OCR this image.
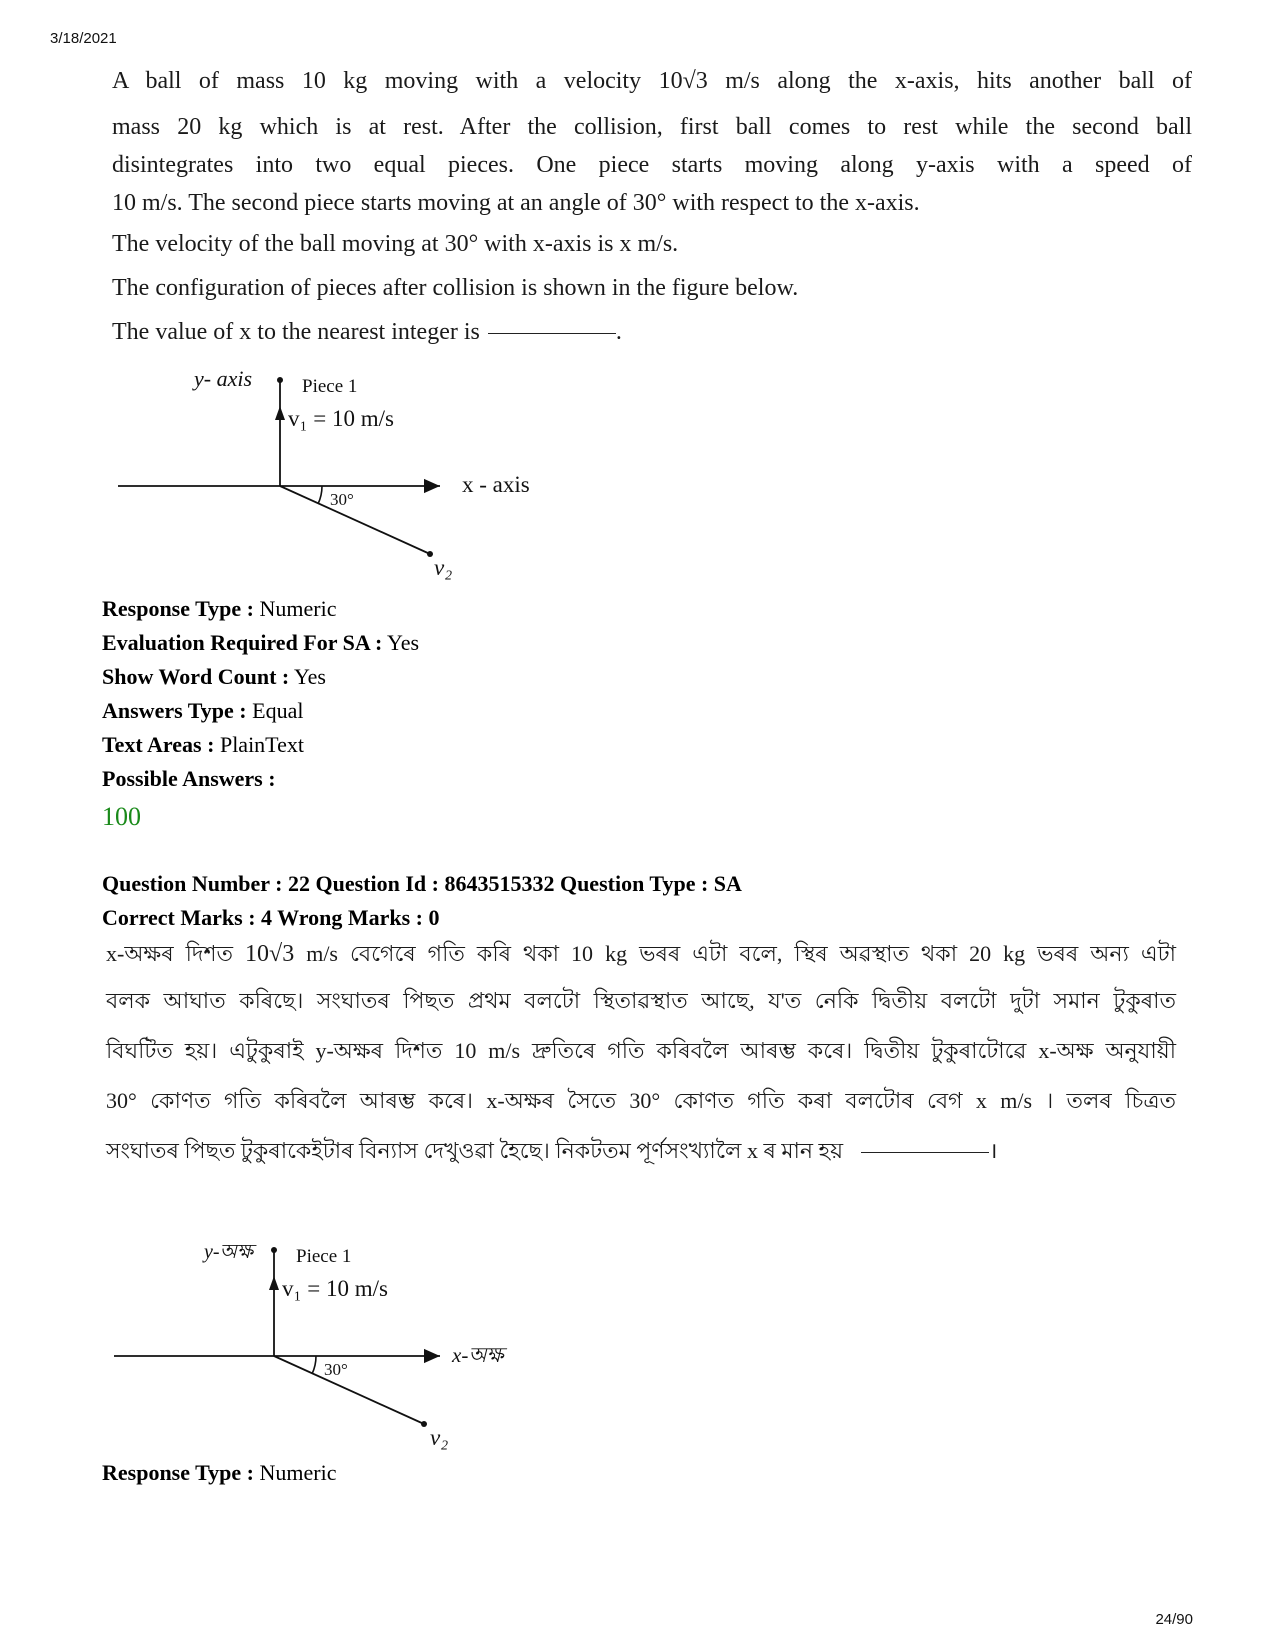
3/18/2021

A ball of mass 10 kg moving with a velocity 10√3 m/s along the x-axis, hits another ball of

mass 20 kg which is at rest. After the collision, first ball comes to rest while the second ball

disintegrates into two equal pieces. One piece starts moving along y-axis with a speed of

10 m/s. The second piece starts moving at an angle of 30° with respect to the x-axis.

The velocity of the ball moving at 30° with x-axis is x m/s.

The configuration of pieces after collision is shown in the figure below.

The value of x to the nearest integer is	.

y- axis	Piece 1
v₁ = 10 m/s
30°
x - axis
v₂
Response Type : Numeric
Evaluation Required For SA : Yes
Show Word Count : Yes
Answers Type : Equal
Text Areas : PlainText
Possible Answers :
100
Question Number : 22 Question Id : 8643515332 Question Type : SA
Correct Marks : 4 Wrong Marks : 0

x-অক্ষৰ দিশত 10√3 m/s বেগেৰে গতি কৰি থকা 10 kg ভৰৰ এটা বলে, স্থিৰ অৱস্থাত থকা 20 kg ভৰৰ অন্য এটা

বলক আঘাত কৰিছে। সংঘাতৰ পিছত প্ৰথম বলটো স্থিতাৱস্থাত আছে, য'ত নেকি দ্বিতীয় বলটো দুটা সমান টুকুৰাত

বিঘটিত হয়। এটুকুৰাই y-অক্ষৰ দিশত 10 m/s দ্ৰুতিৰে গতি কৰিবলৈ আৰম্ভ কৰে। দ্বিতীয় টুকুৰাটোৱে x-অক্ষ অনুযায়ী

30° কোণত গতি কৰিবলৈ আৰম্ভ কৰে। x-অক্ষৰ সৈতে 30° কোণত গতি কৰা বলটোৰ বেগ x m/s । তলৰ চিত্ৰত

সংঘাতৰ পিছত টুকুৰাকেইটাৰ বিন্যাস দেখুওৱা হৈছে। নিকটতম পূৰ্ণসংখ্যালৈ x ৰ মান হয়	।

y-অক্ষ Piece 1
v₁ = 10 m/s
30°
x-অক্ষ
v₂
Response Type : Numeric
24/90
